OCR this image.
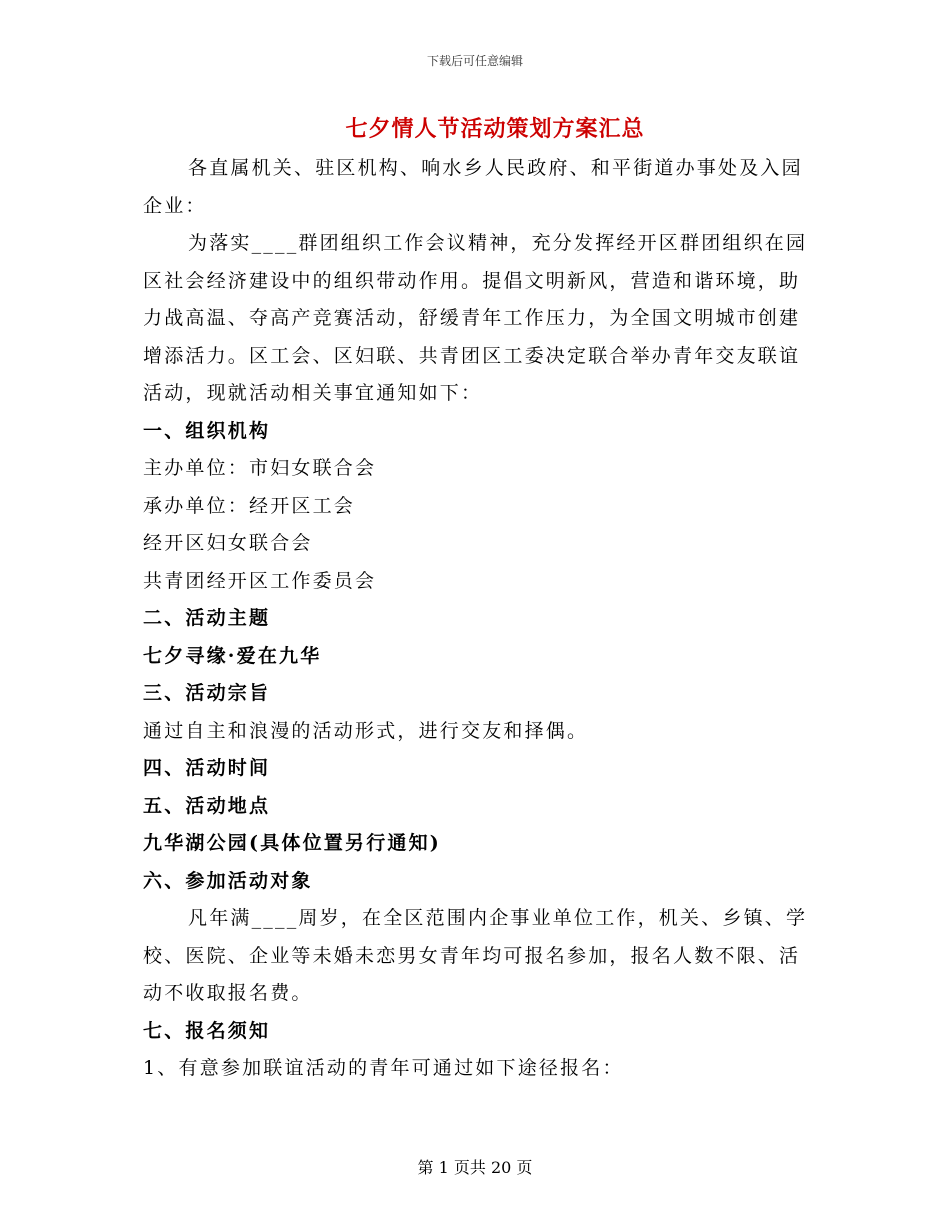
下载后可任意编辑
七夕情人节活动策划方案汇总

各直属机关、驻区机构、响水乡人民政府、和平街道办事处及入园企业：

为落实____群团组织工作会议精神，充分发挥经开区群团组织在园区社会经济建设中的组织带动作用。提倡文明新风，营造和谐环境，助力战高温、夺高产竞赛活动，舒缓青年工作压力，为全国文明城市创建增添活力。区工会、区妇联、共青团区工委决定联合举办青年交友联谊活动，现就活动相关事宜通知如下：

一、组织机构

主办单位：市妇女联合会

承办单位：经开区工会

经开区妇女联合会

共青团经开区工作委员会

二、活动主题

七夕寻缘·爱在九华

三、活动宗旨

通过自主和浪漫的活动形式，进行交友和择偶。

四、活动时间

五、活动地点

九华湖公园(具体位置另行通知)

六、参加活动对象

凡年满____周岁，在全区范围内企事业单位工作，机关、乡镇、学校、医院、企业等未婚未恋男女青年均可报名参加，报名人数不限、活动不收取报名费。

七、报名须知

1、有意参加联谊活动的青年可通过如下途径报名：

第 1 页共 20 页
